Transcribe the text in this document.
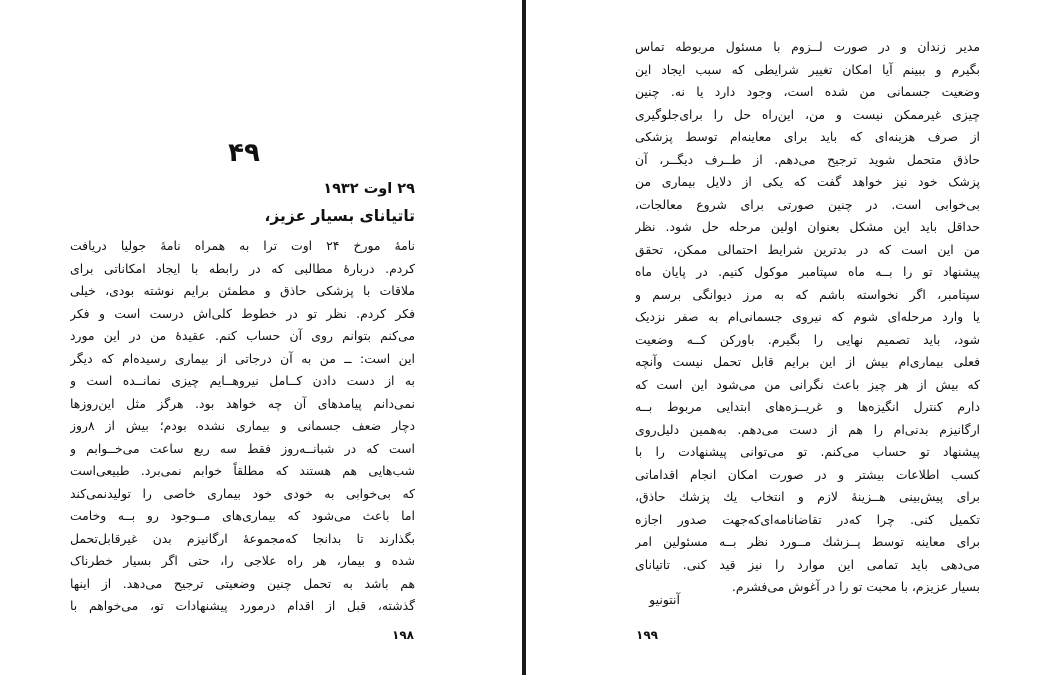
۴۹
۲۹ اوت ۱۹۳۲
تاتیانای بسیار عزیز،
نامهٔ مورخ ۲۴ اوت ترا به همراه نامهٔ جولیا دریافت
کردم. دربارهٔ مطالبی که در رابطه با ایجاد امکاناتی برای
ملاقات با پزشکی حاذق و مطمئن برایم نوشته بودی، خیلی
فکر کردم. نظر تو در خطوط کلی‌اش درست است و فکر
می‌کنم بتوانم روی آن حساب کنم. عقیدهٔ من در این مورد
این است: ــ من به آن درجاتی از بیماری رسیده‌ام که دیگر
به از دست دادن کــامل نیروهــایم چیزی نمانــده است و
نمی‌دانم پیامدهای آن چه خواهد بود. هرگز مثل این‌روزها
دچار ضعف جسمانی و بیماری نشده بودم؛ بیش از ۸روز
است که در شبانــه‌روز فقط سه ربع ساعت می‌خــوابم و
شب‌هایی هم هستند که مطلقاً خوابم نمی‌برد. طبیعی‌است
که بی‌خوابی به خودی خود بیماری خاصی را تولیدنمی‌کند
اما باعث می‌شود که بیماری‌های مــوجود رو بــه وخامت
بگذارند تا بدانجا که‌مجموعهٔ ارگانیزم بدن غیرقابل‌تحمل
شده و بیمار، هر راه علاجی را، حتی اگر بسیار خطرناک
هم باشد به تحمل چنین وضعیتی ترجیح می‌دهد. از اینها
گذشته، قبل از اقدام درمورد پیشنهادات تو، می‌خواهم با
۱۹۸
مدیر زندان و در صورت لــزوم با مسئول مربوطه تماس
بگیرم و ببینم آیا امکان تغییر شرایطی که سبب ایجاد این
وضعیت جسمانی من شده است، وجود دارد یا نه. چنین
چیزی غیرممکن نیست و من، این‌راه حل را برای‌جلوگیری
از صرف هزینه‌ای که باید برای معاینه‌ام توسط پزشکی
حاذق متحمل شوید ترجیح می‌دهم. از طــرف دیگــر، آن
پزشک خود نیز خواهد گفت که یکی از دلایل بیماری من
بی‌خوابی است. در چنین صورتی برای شروع معالجات،
حداقل باید این مشکل بعنوان اولین مرحله حل شود. نظر
من این است که در بدترین شرایط احتمالی ممکن، تحقق
پیشنهاد تو را بــه ماه سپتامبر موکول کنیم. در پایان ماه
سپتامبر، اگر نخواسته باشم که به مرز دیوانگی برسم و
یا وارد مرحله‌ای شوم که نیروی جسمانی‌ام به صفر نزدیک
شود، باید تصمیم نهایی را بگیرم. باورکن کــه وضعیت
فعلی بیماری‌ام بیش از این برایم قابل تحمل نیست وآنچه
که بیش از هر چیز باعث نگرانی من می‌شود این است که
دارم کنترل انگیزه‌ها و غریــزه‌های ابتدایی مربوط بــه
ارگانیزم بدنی‌ام را هم از دست می‌دهم. به‌همین دلیل‌روی
پیشنهاد تو حساب می‌کنم. تو می‌توانی پیشنهادت را با
کسب اطلاعات بیشتر و در صورت امکان انجام اقداماتی
برای پیش‌بینی هــزینهٔ لازم و انتخاب یك پزشك حاذق،
تکمیل کنی. چرا که‌در تقاضانامه‌ای‌که‌جهت صدور اجازه
برای معاینه توسط پــزشك مــورد نظر بــه مسئولین امر
می‌دهی باید تمامی این موارد را نیز قید کنی. تاتیانای
بسیار عزیزم، با محبت تو را در آغوش می‌فشرم.
آنتونیو
۱۹۹
